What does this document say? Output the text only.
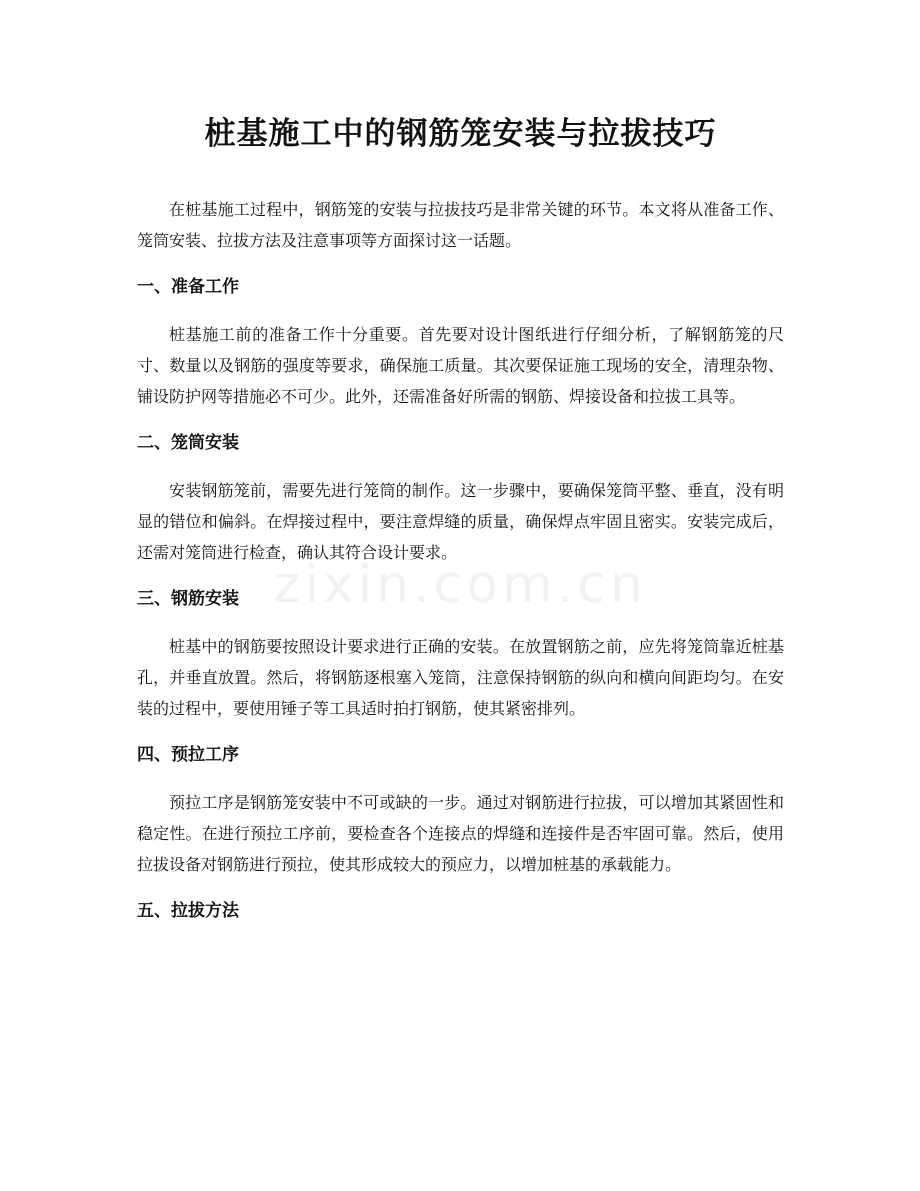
桩基施工中的钢筋笼安装与拉拔技巧

在桩基施工过程中，钢筋笼的安装与拉拔技巧是非常关键的环节。本文将从准备工作、笼筒安装、拉拔方法及注意事项等方面探讨这一话题。

一、准备工作

桩基施工前的准备工作十分重要。首先要对设计图纸进行仔细分析，了解钢筋笼的尺寸、数量以及钢筋的强度等要求，确保施工质量。其次要保证施工现场的安全，清理杂物、铺设防护网等措施必不可少。此外，还需准备好所需的钢筋、焊接设备和拉拔工具等。

二、笼筒安装

安装钢筋笼前，需要先进行笼筒的制作。这一步骤中，要确保笼筒平整、垂直，没有明显的错位和偏斜。在焊接过程中，要注意焊缝的质量，确保焊点牢固且密实。安装完成后，还需对笼筒进行检查，确认其符合设计要求。

三、钢筋安装

桩基中的钢筋要按照设计要求进行正确的安装。在放置钢筋之前，应先将笼筒靠近桩基孔，并垂直放置。然后，将钢筋逐根塞入笼筒，注意保持钢筋的纵向和横向间距均匀。在安装的过程中，要使用锤子等工具适时拍打钢筋，使其紧密排列。

四、预拉工序

预拉工序是钢筋笼安装中不可或缺的一步。通过对钢筋进行拉拔，可以增加其紧固性和稳定性。在进行预拉工序前，要检查各个连接点的焊缝和连接件是否牢固可靠。然后，使用拉拔设备对钢筋进行预拉，使其形成较大的预应力，以增加桩基的承载能力。

五、拉拔方法
zixin.com.cn
